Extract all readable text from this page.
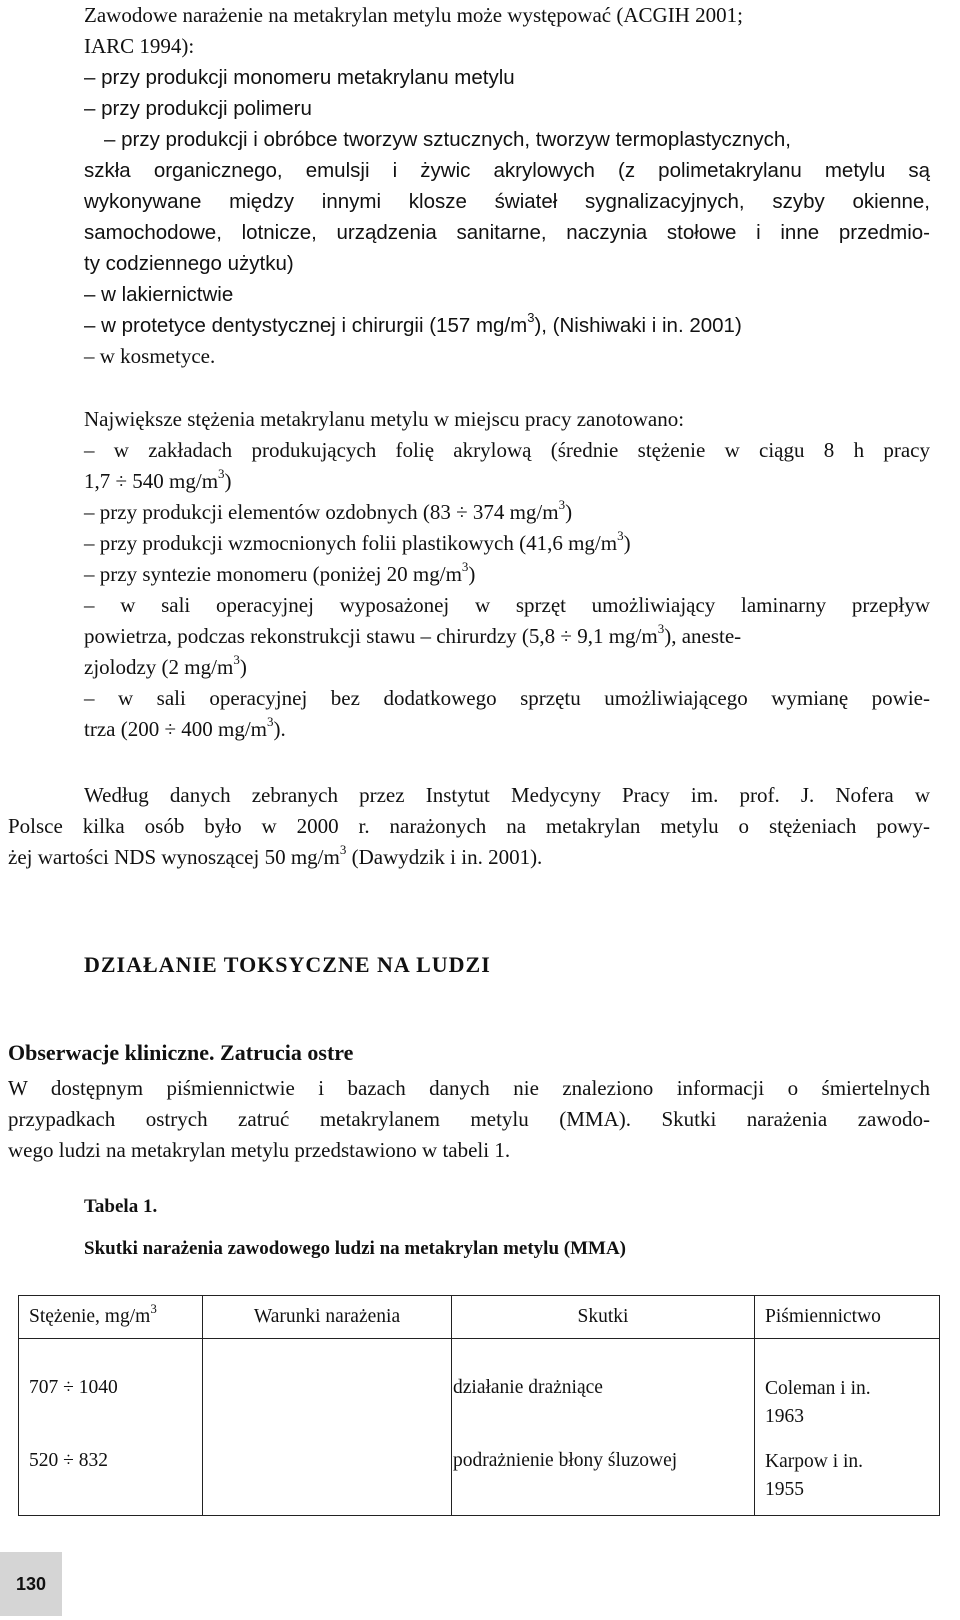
Zawodowe narażenie na metakrylan metylu może występować (ACGIH 2001;
IARC 1994):
– przy produkcji monomeru metakrylanu metylu
– przy produkcji polimeru
– przy produkcji i obróbce tworzyw sztucznych, tworzyw termoplastycznych,
szkła organicznego, emulsji i żywic akrylowych (z polimetakrylanu metylu są
wykonywane między innymi klosze świateł sygnalizacyjnych, szyby okienne,
samochodowe, lotnicze, urządzenia sanitarne, naczynia stołowe i inne przedmio-
ty codziennego użytku)
– w lakiernictwie
– w protetyce dentystycznej i chirurgii (157 $mg/m^3$), (Nishiwaki i in. 2001)
– w kosmetyce.
Największe stężenia metakrylanu metylu w miejscu pracy zanotowano:
– w zakładach produkujących folię akrylową (średnie stężenie w ciągu 8 h pracy
1,7 ÷ 540 $mg/m^3$)
– przy produkcji elementów ozdobnych (83 ÷ 374 $mg/m^3$)
– przy produkcji wzmocnionych folii plastikowych (41,6 $mg/m^3$)
– przy syntezie monomeru (poniżej 20 $mg/m^3$)
– w sali operacyjnej wyposażonej w sprzęt umożliwiający laminarny przepływ
powietrza, podczas rekonstrukcji stawu – chirurdzy (5,8 ÷ 9,1 $mg/m^3$), aneste-
zjolodzy (2 $mg/m^3$)
– w sali operacyjnej bez dodatkowego sprzętu umożliwiającego wymianę powie-
trza (200 ÷ 400 $mg/m^3$).
Według danych zebranych przez Instytut Medycyny Pracy im. prof. J. Nofera w
Polsce kilka osób było w 2000 r. narażonych na metakrylan metylu o stężeniach powy-
żej wartości NDS wynoszącej 50 $mg/m^3$ (Dawydzik i in. 2001).
DZIAŁANIE TOKSYCZNE NA LUDZI
Obserwacje kliniczne. Zatrucia ostre
W dostępnym piśmiennictwie i bazach danych nie znaleziono informacji o śmiertelnych
przypadkach ostrych zatruć metakrylanem metylu (MMA). Skutki narażenia zawodo-
wego ludzi na metakrylan metylu przedstawiono w tabeli 1.
Tabela 1.
Skutki narażenia zawodowego ludzi na metakrylan metylu (MMA)
Stężenie, $mg/m^3$	Warunki narażenia	Skutki	Piśmiennictwo
707 ÷ 1040		działanie drażniące	Coleman i in.
1963

520 ÷ 832		podrażnienie błony śluzowej	Karpow i in.
1955
130
